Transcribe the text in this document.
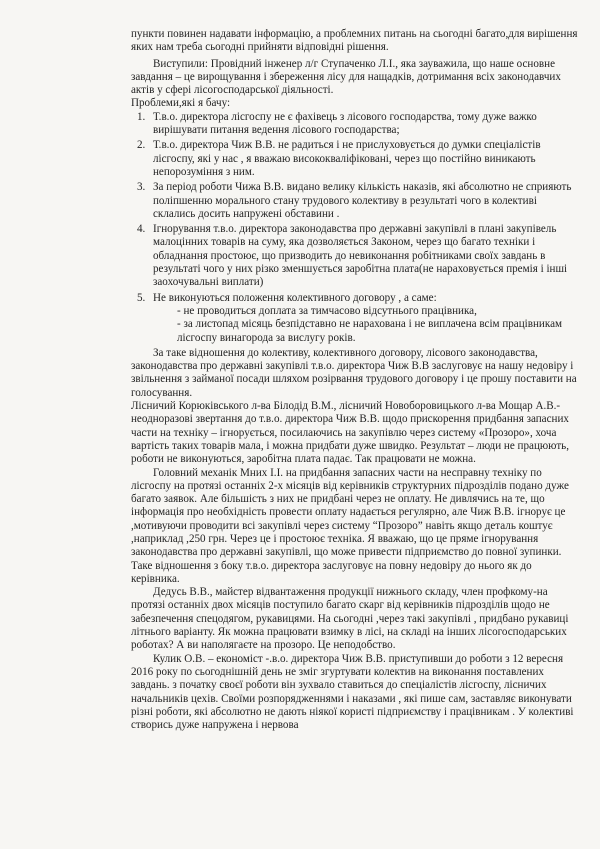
пункти повинен надавати інформацію, а проблемних питань на сьогодні багато,для вирішення яких нам треба сьогодні прийняти відповідні рішення.

Виступили: Провідний інженер л/г Ступаченко Л.І., яка зауважила, що наше основне завдання – це вирощування і збереження лісу для нащадків, дотримання всіх законодавчих актів у сфері лісогосподарської діяльності.

Проблеми,які я бачу:

1. Т.в.о. директора лісгоспу не є фахівець з лісового господарства, тому дуже важко вирішувати питання ведення лісового господарства;
2. Т.в.о. директора Чиж В.В. не радиться і не прислуховується до думки спеціалістів лісгоспу, які у нас , я вважаю висококваліфіковані, через що постійно виникають непорозуміння з ним.
3. За період роботи Чижа В.В. видано велику кількість наказів, які абсолютно не сприяють поліпшенню морального стану трудового колективу в результаті чого в колективі склались досить напружені обставини .
4. Ігнорування т.в.о. директора законодавства про державні закупівлі в плані закупівель малоцінних товарів на суму, яка дозволяється Законом, через що багато техніки і обладнання простоює, що призводить до невиконання робітниками своїх завдань в результаті чого у них різко зменшується заробітна плата(не нараховується премія і інші заохочувальні виплати)
5. Не виконуються положення колективного договору , а саме:
- не проводиться доплата за тимчасово відсутнього працівника,
- за листопад місяць безпідставно не нарахована і не виплачена всім працівникам лісгоспу винагорода за вислугу років.

За таке відношення до колективу, колективного договору, лісового законодавства, законодавства про державні закупівлі т.в.о. директора Чиж В.В заслуговує на нашу недовіру і звільнення з займаної посади шляхом розірвання трудового договору і це прошу поставити на голосування.

Лісничий Корюківського л-ва Білодід В.М., лісничий Новоборовицького л-ва Мощар А.В.- неодноразові звертання до т.в.о. директора Чиж В.В. щодо прискорення придбання запасних части на техніку – ігнорується, посилаючись на закупівлю через систему «Прозоро», хоча вартість таких товарів мала, і можна придбати дуже швидко. Результат – люди не працюють, роботи не виконуються, заробітна плата падає. Так працювати не можна.

Головний механік Мних І.І. на придбання запасних части на несправну техніку по лісгоспу на протязі останніх 2-х місяців від керівників структурних підрозділів подано дуже багато заявок. Але більшість з них не придбані через не оплату. Не дивлячись на те, що інформація про необхідність провести оплату надається регулярно, але Чиж В.В. ігнорує це ,мотивуючи проводити всі закупівлі через систему “Прозоро” навіть якщо деталь коштує ,наприклад ,250 грн. Через це і простоює техніка. Я вважаю, що це пряме ігнорування законодавства про державні закупівлі, що може привести підприємство до повної зупинки. Таке відношення з боку т.в.о. директора заслуговує на повну недовіру до нього як до керівника.

Дедусь В.В., майстер відвантаження продукції нижнього складу, член профкому-на протязі останніх двох місяців поступило багато скарг від керівників підрозділів щодо не забезпечення спецодягом, рукавицями. На сьогодні ,через такі закупівлі , придбано рукавиці літнього варіанту. Як можна працювати взимку в лісі, на складі на інших лісогосподарських роботах? А ви наполягаєте на прозоро. Це неподобство.

Кулик О.В. – економіст -.в.о. директора Чиж В.В. приступивши до роботи з 12 вересня 2016 року по сьогоднішній день не зміг згуртувати колектив на виконання поставлених завдань. з початку своєї роботи він зухвало ставиться до спеціалістів лісгоспу, лісничих начальників цехів. Своїми розпорядженнями і наказами , які пише сам, заставляє виконувати різні роботи, які абсолютно не дають ніякої користі підприємству і працівникам . У колективі створись дуже напружена і нервова
